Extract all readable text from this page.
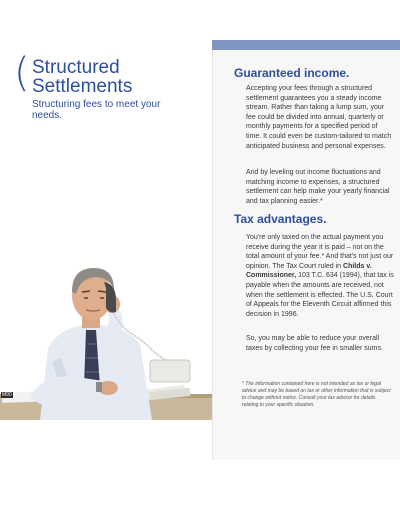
( Structured
Settlements
Structuring fees to meet your needs.
M90
Guaranteed income.
Accepting your fees through a structured settlement guarantees you a steady income stream. Rather than taking a lump sum, your fee could be divided into annual, quarterly or monthly payments for a specified period of time. It could even be custom-tailored to match anticipated business and personal expenses.
And by leveling out income fluctuations and matching income to expenses, a structured settlement can help make your yearly financial and tax planning easier.*
Tax advantages.
You're only taxed on the actual payment you receive during the year it is paid – not on the total amount of your fee.* And that's not just our opinion. The Tax Court ruled in Childs v. Commissioner, 103 T.C. 634 (1994), that tax is payable when the amounts are received, not when the settlement is effected. The U.S. Court of Appeals for the Eleventh Circuit affirmed this decision in 1996.
So, you may be able to reduce your overall taxes by collecting your fee in smaller sums.
* The information contained here is not intended as tax or legal advice and may be based on tax or other information that is subject to change without notice. Consult your tax advisor for details relating to your specific situation.
